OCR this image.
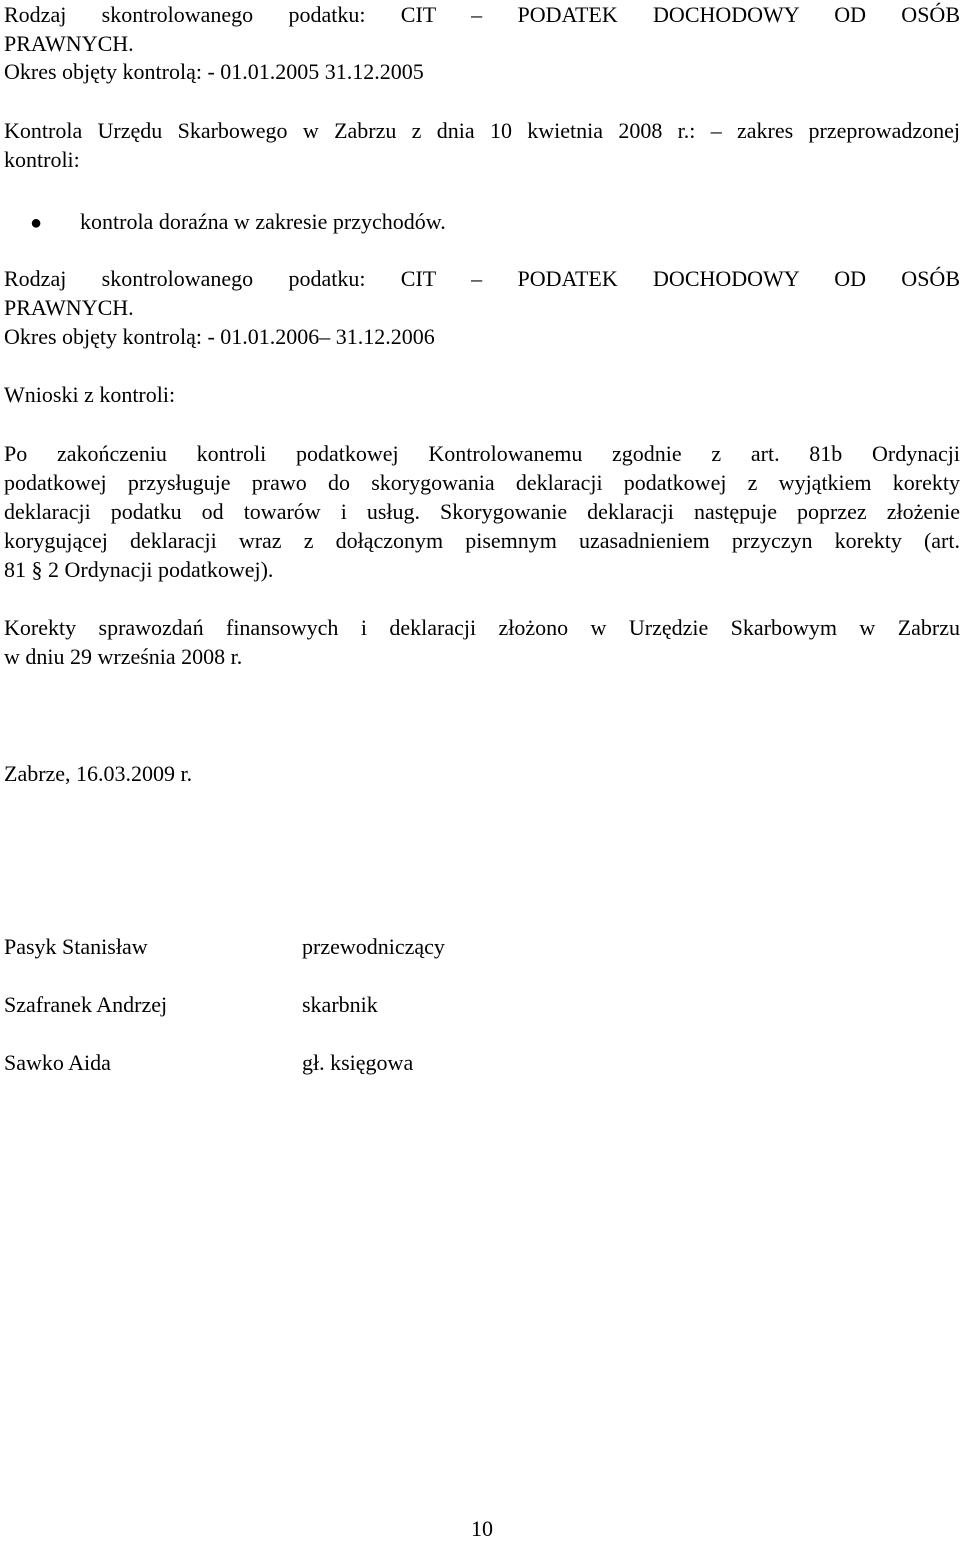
Rodzaj skontrolowanego podatku: CIT – PODATEK DOCHODOWY OD OSÓB
PRAWNYCH.
Okres objęty kontrolą: - 01.01.2005 31.12.2005
Kontrola Urzędu Skarbowego w Zabrzu z dnia 10 kwietnia 2008 r.: – zakres przeprowadzonej
kontroli:
● kontrola doraźna w zakresie przychodów.
Rodzaj skontrolowanego podatku: CIT – PODATEK DOCHODOWY OD OSÓB
PRAWNYCH.
Okres objęty kontrolą: - 01.01.2006– 31.12.2006
Wnioski z kontroli:
Po zakończeniu kontroli podatkowej Kontrolowanemu zgodnie z art. 81b Ordynacji
podatkowej przysługuje prawo do skorygowania deklaracji podatkowej z wyjątkiem korekty
deklaracji podatku od towarów i usług. Skorygowanie deklaracji następuje poprzez złożenie
korygującej deklaracji wraz z dołączonym pisemnym uzasadnieniem przyczyn korekty (art.
81 § 2 Ordynacji podatkowej).
Korekty sprawozdań finansowych i deklaracji złożono w Urzędzie Skarbowym w Zabrzu
w dniu 29 września 2008 r.
Zabrze, 16.03.2009 r.
Pasyk Stanisław	przewodniczący
Szafranek Andrzej	skarbnik
Sawko Aida	gł. księgowa
10
